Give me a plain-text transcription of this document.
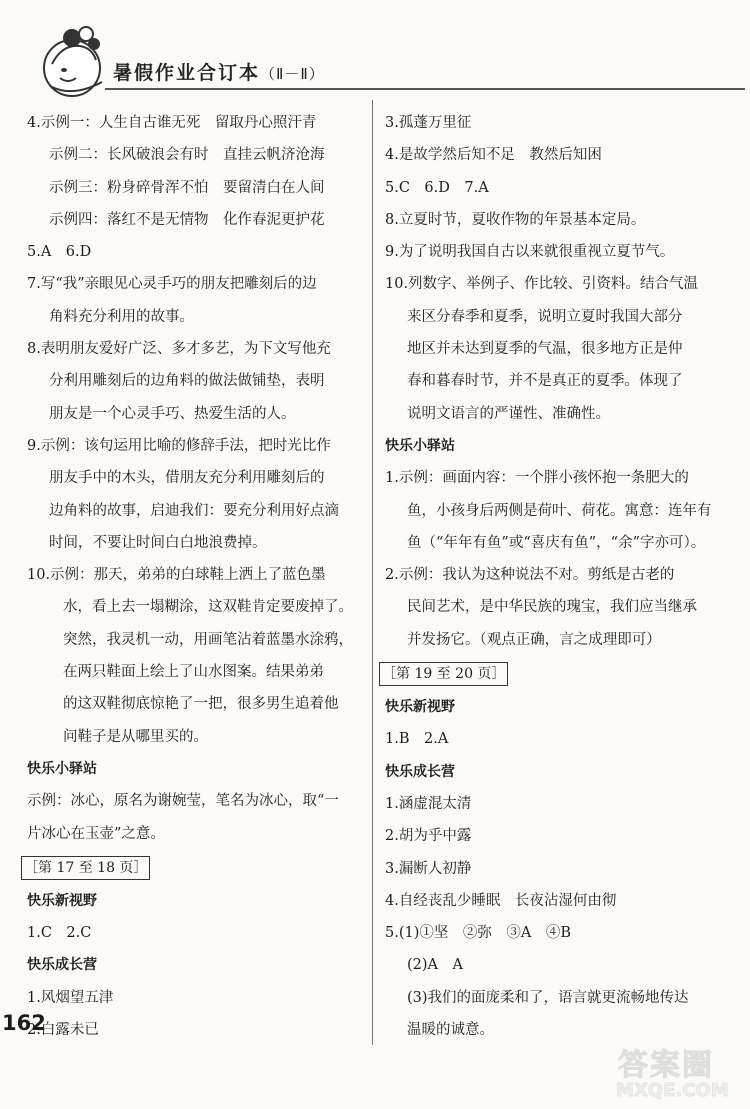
暑假作业合订本（Ⅱ－Ⅱ）

4.示例一：人生自古谁无死　留取丹心照汗青

示例二：长风破浪会有时　直挂云帆济沧海

示例三：粉身碎骨浑不怕　要留清白在人间

示例四：落红不是无情物　化作春泥更护花

5.A　6.D

7.写“我”亲眼见心灵手巧的朋友把雕刻后的边

角料充分利用的故事。

8.表明朋友爱好广泛、多才多艺，为下文写他充

分利用雕刻后的边角料的做法做铺垫，表明

朋友是一个心灵手巧、热爱生活的人。

9.示例：该句运用比喻的修辞手法，把时光比作

朋友手中的木头，借朋友充分利用雕刻后的

边角料的故事，启迪我们：要充分利用好点滴

时间，不要让时间白白地浪费掉。

10.示例：那天，弟弟的白球鞋上洒上了蓝色墨

水，看上去一塌糊涂，这双鞋肯定要废掉了。

突然，我灵机一动，用画笔沾着蓝墨水涂鸦，

在两只鞋面上绘上了山水图案。结果弟弟

的这双鞋彻底惊艳了一把，很多男生追着他

问鞋子是从哪里买的。

快乐小驿站

示例：冰心，原名为谢婉莹，笔名为冰心，取“一

片冰心在玉壶”之意。

［第 17 至 18 页］

快乐新视野

1.C　2.C

快乐成长营

1.风烟望五津

2.白露未已

3.孤蓬万里征

4.是故学然后知不足　教然后知困

5.C　6.D　7.A

8.立夏时节，夏收作物的年景基本定局。

9.为了说明我国自古以来就很重视立夏节气。

10.列数字、举例子、作比较、引资料。结合气温

来区分春季和夏季，说明立夏时我国大部分

地区并未达到夏季的气温，很多地方正是仲

春和暮春时节，并不是真正的夏季。体现了

说明文语言的严谨性、准确性。

快乐小驿站

1.示例：画面内容：一个胖小孩怀抱一条肥大的

鱼，小孩身后两侧是荷叶、荷花。寓意：连年有

鱼（“年年有鱼”或“喜庆有鱼”，“余”字亦可）。

2.示例：我认为这种说法不对。剪纸是古老的

民间艺术，是中华民族的瑰宝，我们应当继承

并发扬它。（观点正确，言之成理即可）

［第 19 至 20 页］

快乐新视野

1.B　2.A

快乐成长营

1.涵虚混太清

2.胡为乎中露

3.漏断人初静

4.自经丧乱少睡眠　长夜沾湿何由彻

5.(1)①坚　②弥　③A　④B

(2)A　A

(3)我们的面庞柔和了，语言就更流畅地传达

温暖的诚意。

162
答案圈
MXQE.COM
